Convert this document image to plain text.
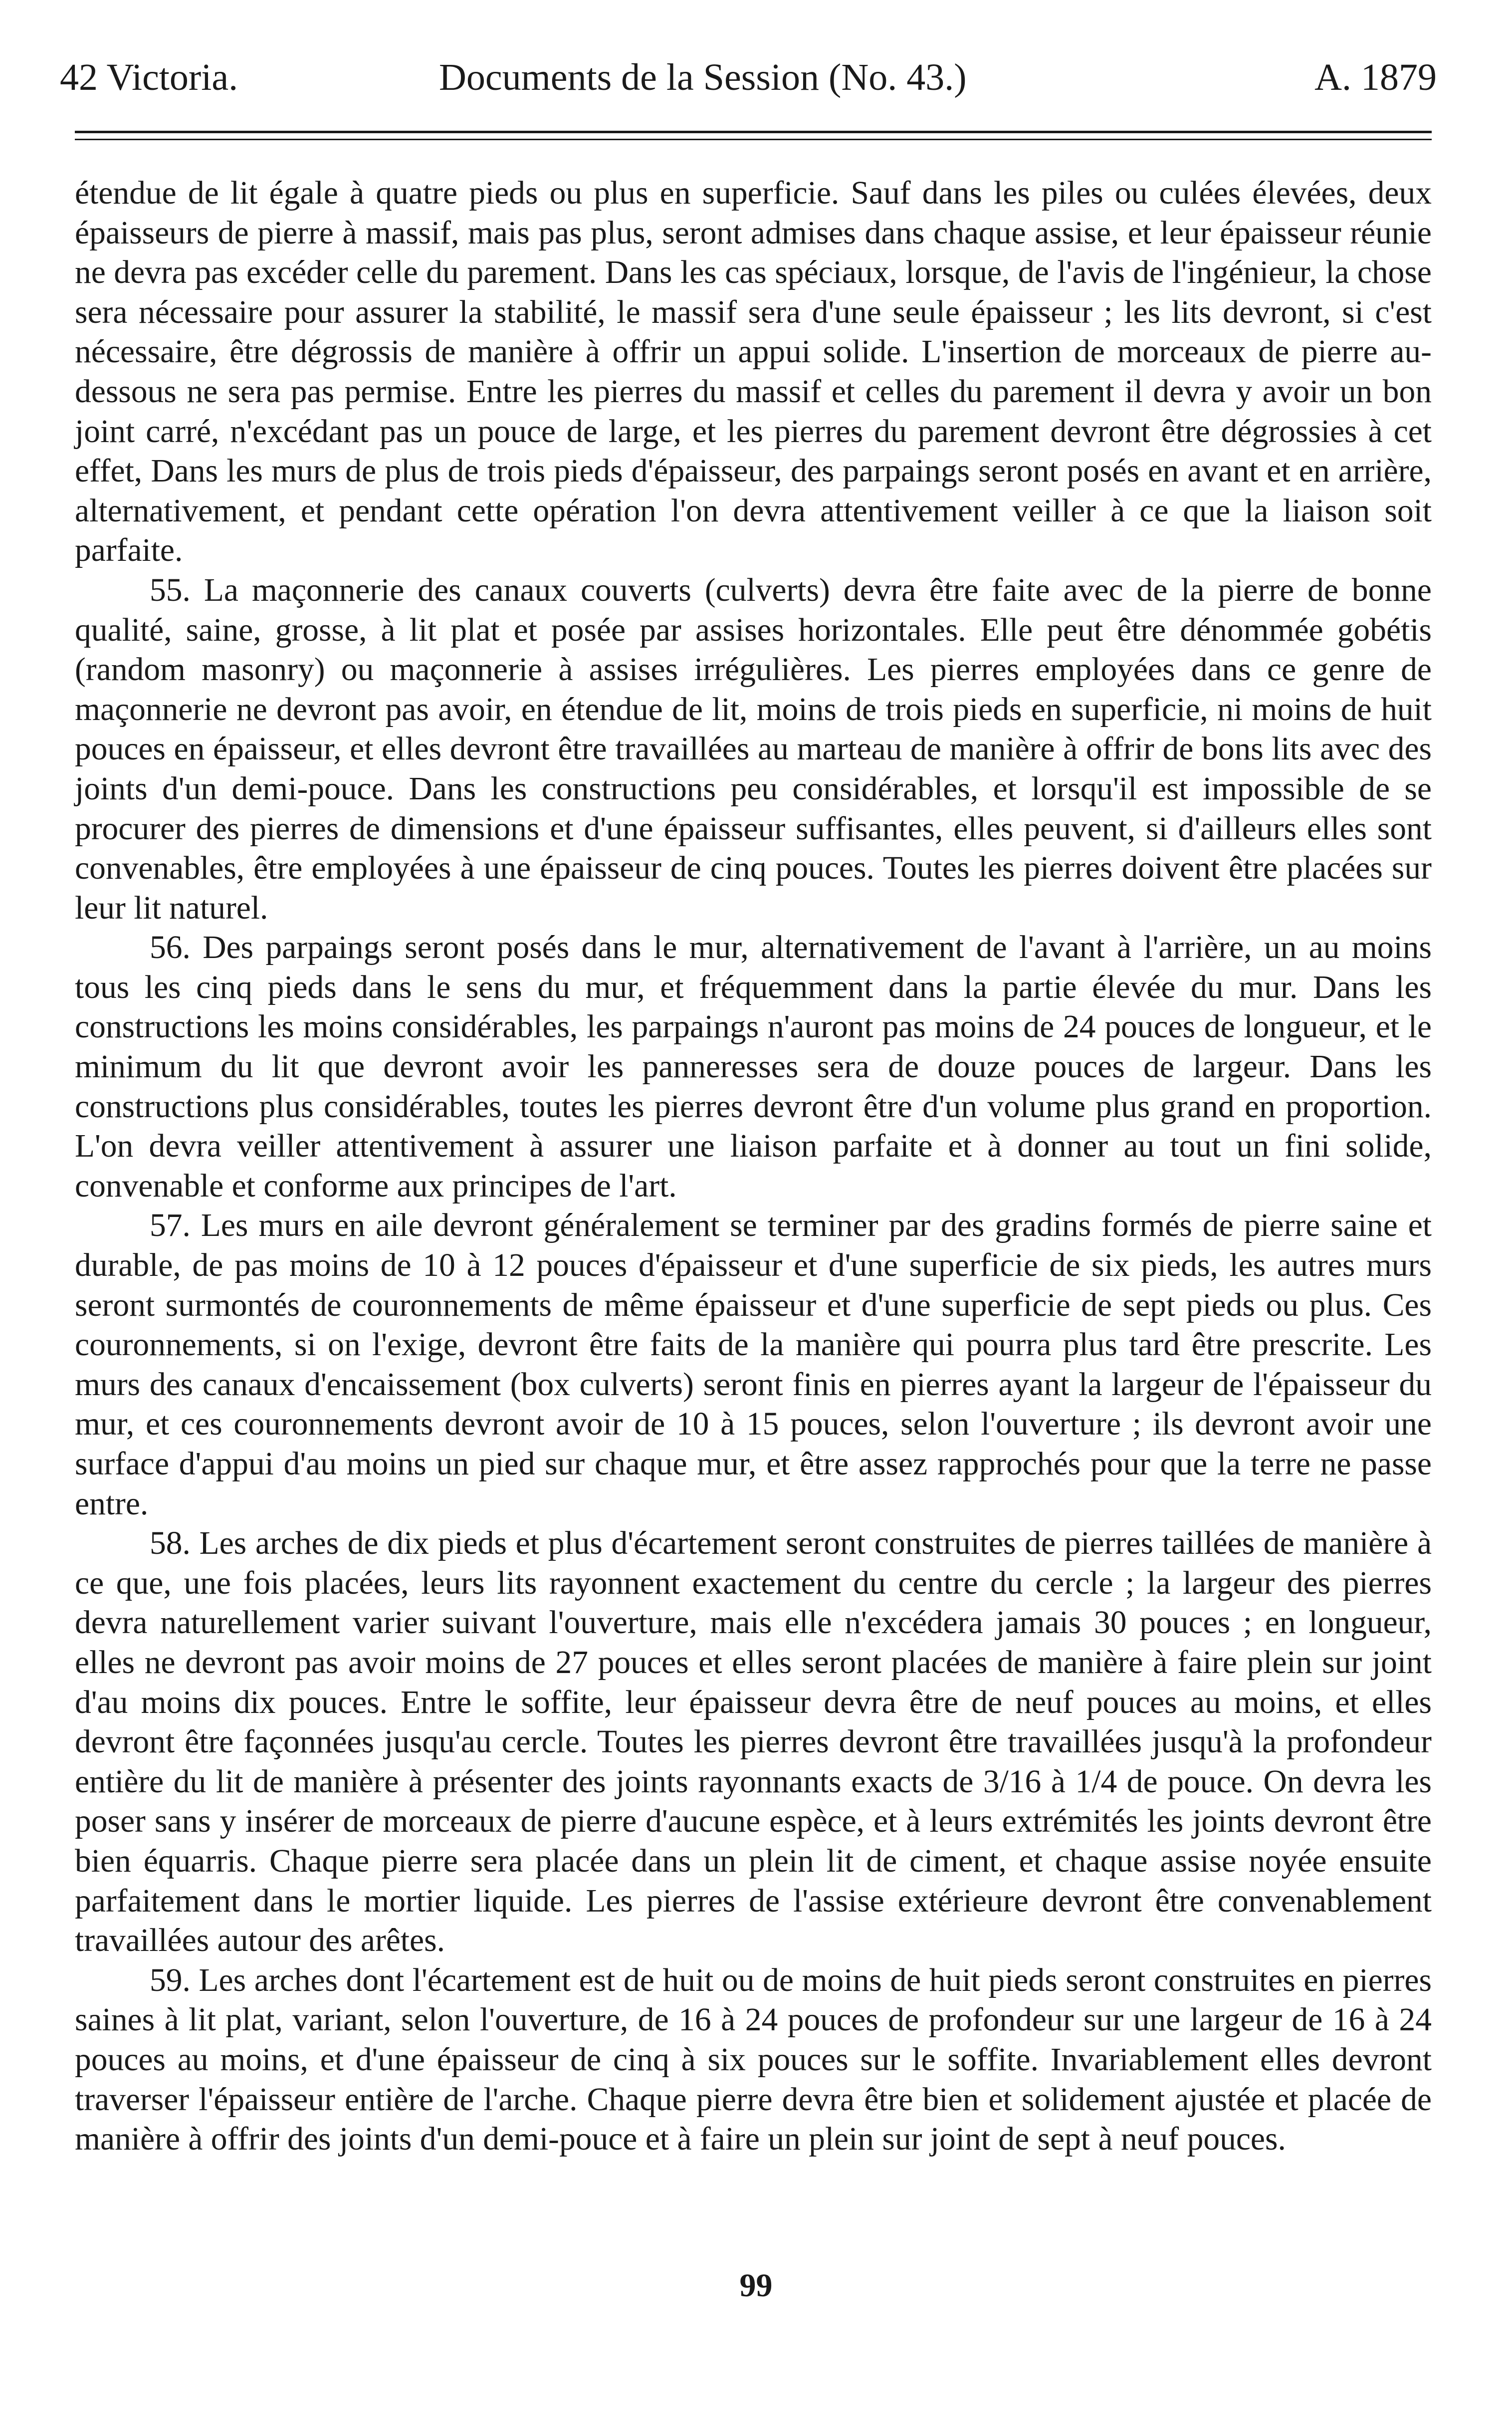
42 Victoria.	Documents de la Session (No. 43.)	A. 1879

étendue de lit égale à quatre pieds ou plus en superficie. Sauf dans les piles ou culées élevées, deux épaisseurs de pierre à massif, mais pas plus, seront admises dans chaque assise, et leur épaisseur réunie ne devra pas excéder celle du parement. Dans les cas spéciaux, lorsque, de l'avis de l'ingénieur, la chose sera nécessaire pour assurer la stabilité, le massif sera d'une seule épaisseur ; les lits devront, si c'est nécessaire, être dégrossis de manière à offrir un appui solide. L'insertion de morceaux de pierre au-dessous ne sera pas permise. Entre les pierres du massif et celles du parement il devra y avoir un bon joint carré, n'excédant pas un pouce de large, et les pierres du parement devront être dégrossies à cet effet, Dans les murs de plus de trois pieds d'épaisseur, des parpaings seront posés en avant et en arrière, alternativement, et pendant cette opération l'on devra attentivement veiller à ce que la liaison soit parfaite.

55. La maçonnerie des canaux couverts (culverts) devra être faite avec de la pierre de bonne qualité, saine, grosse, à lit plat et posée par assises horizontales. Elle peut être dénommée gobétis (random masonry) ou maçonnerie à assises irrégulières. Les pierres employées dans ce genre de maçonnerie ne devront pas avoir, en étendue de lit, moins de trois pieds en superficie, ni moins de huit pouces en épaisseur, et elles devront être travaillées au marteau de manière à offrir de bons lits avec des joints d'un demi-pouce. Dans les constructions peu considérables, et lorsqu'il est impossible de se procurer des pierres de dimensions et d'une épaisseur suffisantes, elles peuvent, si d'ailleurs elles sont convenables, être employées à une épaisseur de cinq pouces. Toutes les pierres doivent être placées sur leur lit naturel.

56. Des parpaings seront posés dans le mur, alternativement de l'avant à l'arrière, un au moins tous les cinq pieds dans le sens du mur, et fréquemment dans la partie élevée du mur. Dans les constructions les moins considérables, les parpaings n'auront pas moins de 24 pouces de longueur, et le minimum du lit que devront avoir les panneresses sera de douze pouces de largeur. Dans les constructions plus considérables, toutes les pierres devront être d'un volume plus grand en proportion. L'on devra veiller attentivement à assurer une liaison parfaite et à donner au tout un fini solide, convenable et conforme aux principes de l'art.

57. Les murs en aile devront généralement se terminer par des gradins formés de pierre saine et durable, de pas moins de 10 à 12 pouces d'épaisseur et d'une superficie de six pieds, les autres murs seront surmontés de couronnements de même épaisseur et d'une superficie de sept pieds ou plus. Ces couronnements, si on l'exige, devront être faits de la manière qui pourra plus tard être prescrite. Les murs des canaux d'encaissement (box culverts) seront finis en pierres ayant la largeur de l'épaisseur du mur, et ces couronnements devront avoir de 10 à 15 pouces, selon l'ouverture ; ils devront avoir une surface d'appui d'au moins un pied sur chaque mur, et être assez rapprochés pour que la terre ne passe entre.

58. Les arches de dix pieds et plus d'écartement seront construites de pierres taillées de manière à ce que, une fois placées, leurs lits rayonnent exactement du centre du cercle ; la largeur des pierres devra naturellement varier suivant l'ouverture, mais elle n'excédera jamais 30 pouces ; en longueur, elles ne devront pas avoir moins de 27 pouces et elles seront placées de manière à faire plein sur joint d'au moins dix pouces. Entre le soffite, leur épaisseur devra être de neuf pouces au moins, et elles devront être façonnées jusqu'au cercle. Toutes les pierres devront être travaillées jusqu'à la profondeur entière du lit de manière à présenter des joints rayonnants exacts de 3/16 à 1/4 de pouce. On devra les poser sans y insérer de morceaux de pierre d'aucune espèce, et à leurs extrémités les joints devront être bien équarris. Chaque pierre sera placée dans un plein lit de ciment, et chaque assise noyée ensuite parfaitement dans le mortier liquide. Les pierres de l'assise extérieure devront être convenablement travaillées autour des arêtes.

59. Les arches dont l'écartement est de huit ou de moins de huit pieds seront construites en pierres saines à lit plat, variant, selon l'ouverture, de 16 à 24 pouces de profondeur sur une largeur de 16 à 24 pouces au moins, et d'une épaisseur de cinq à six pouces sur le soffite. Invariablement elles devront traverser l'épaisseur entière de l'arche. Chaque pierre devra être bien et solidement ajustée et placée de manière à offrir des joints d'un demi-pouce et à faire un plein sur joint de sept à neuf pouces.

99
